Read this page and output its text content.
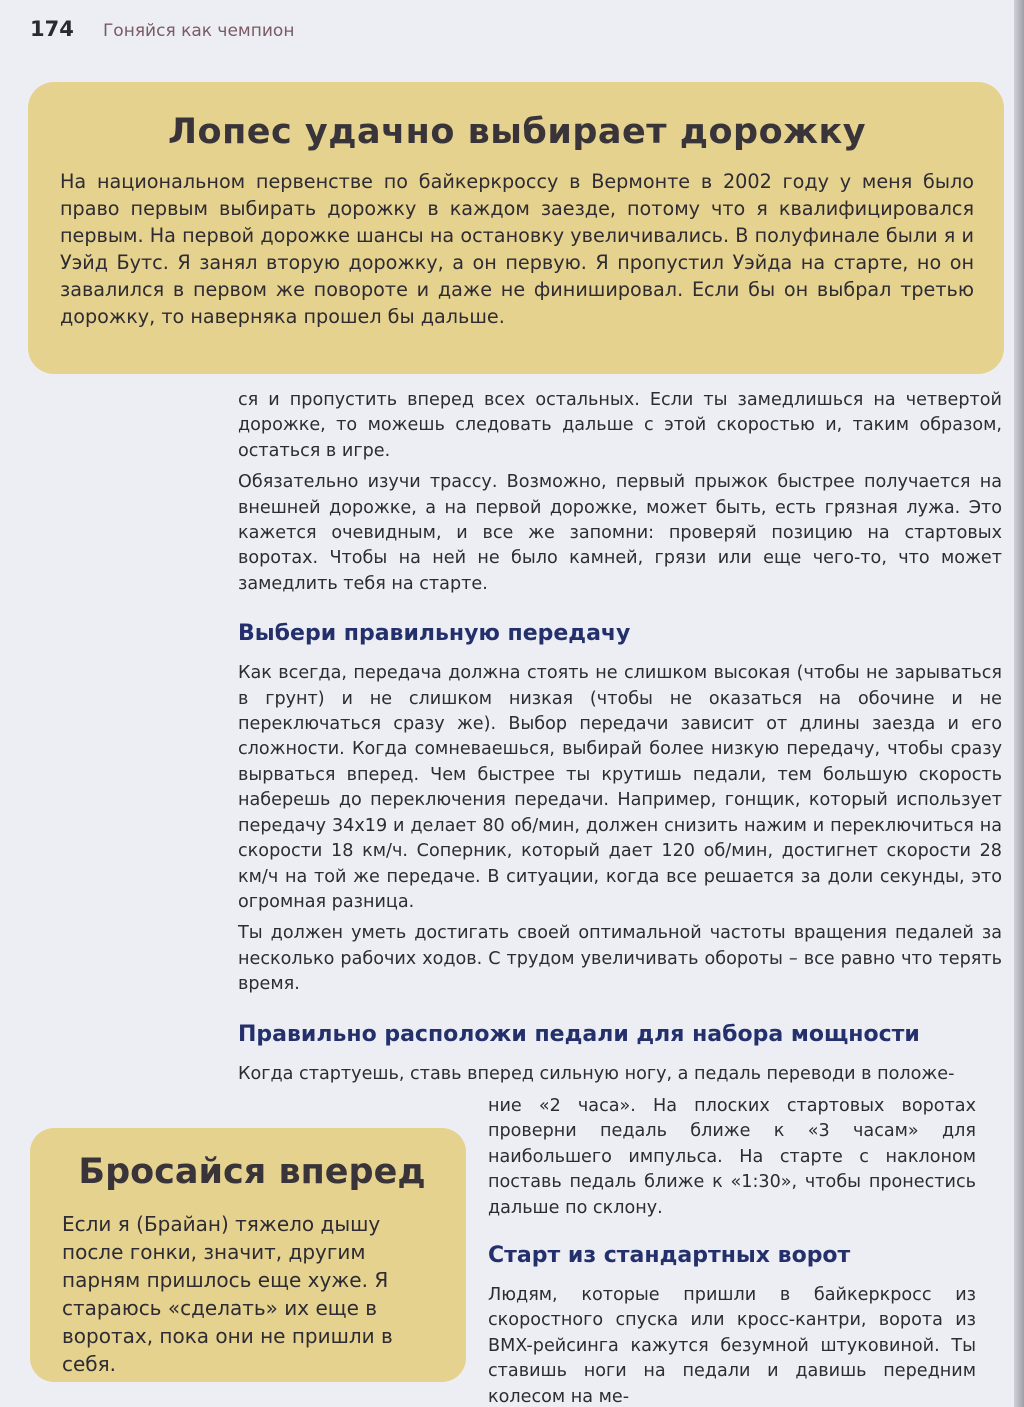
174 Гоняйся как чемпион
Лопес удачно выбирает дорожку

На национальном первенстве по байкеркроссу в Вермонте в 2002 году у меня было право первым выбирать дорожку в каждом заезде, потому что я квалифицировался первым. На первой дорожке шансы на остановку увеличивались. В полуфинале были я и Уэйд Бутс. Я занял вторую дорожку, а он первую. Я пропустил Уэйда на старте, но он завалился в первом же повороте и даже не финишировал. Если бы он выбрал третью дорожку, то наверняка прошел бы дальше.

ся и пропустить вперед всех остальных. Если ты замедлишься на четвертой дорожке, то можешь следовать дальше с этой скоростью и, таким образом, остаться в игре.

Обязательно изучи трассу. Возможно, первый прыжок быстрее получается на внешней дорожке, а на первой дорожке, может быть, есть грязная лужа. Это кажется очевидным, и все же запомни: проверяй позицию на стартовых воротах. Чтобы на ней не было камней, грязи или еще чего-то, что может замедлить тебя на старте.

Выбери правильную передачу

Как всегда, передача должна стоять не слишком высокая (чтобы не зарываться в грунт) и не слишком низкая (чтобы не оказаться на обочине и не переключаться сразу же). Выбор передачи зависит от длины заезда и его сложности. Когда сомневаешься, выбирай более низкую передачу, чтобы сразу вырваться вперед. Чем быстрее ты крутишь педали, тем большую скорость наберешь до переключения передачи. Например, гонщик, который использует передачу 34x19 и делает 80 об/мин, должен снизить нажим и переключиться на скорости 18 км/ч. Соперник, который дает 120 об/мин, достигнет скорости 28 км/ч на той же передаче. В ситуации, когда все решается за доли секунды, это огромная разница.

Ты должен уметь достигать своей оптимальной частоты вращения педалей за несколько рабочих ходов. С трудом увеличивать обороты – все равно что терять время.

Правильно расположи педали для набора мощности

Когда стартуешь, ставь вперед сильную ногу, а педаль переводи в положе-

ние «2 часа». На плоских стартовых воротах проверни педаль ближе к «3 часам» для наибольшего импульса. На старте с наклоном поставь педаль ближе к «1:30», чтобы пронестись дальше по склону.

Старт из стандартных ворот

Людям, которые пришли в байкеркросс из скоростного спуска или кросс-кантри, ворота из BMX-рейсинга кажутся безумной штуковиной. Ты ставишь ноги на педали и давишь передним колесом на ме-

Бросайся вперед

Если я (Брайан) тяжело дышу после гонки, значит, другим парням пришлось еще хуже. Я стараюсь «сделать» их еще в воротах, пока они не пришли в себя.
